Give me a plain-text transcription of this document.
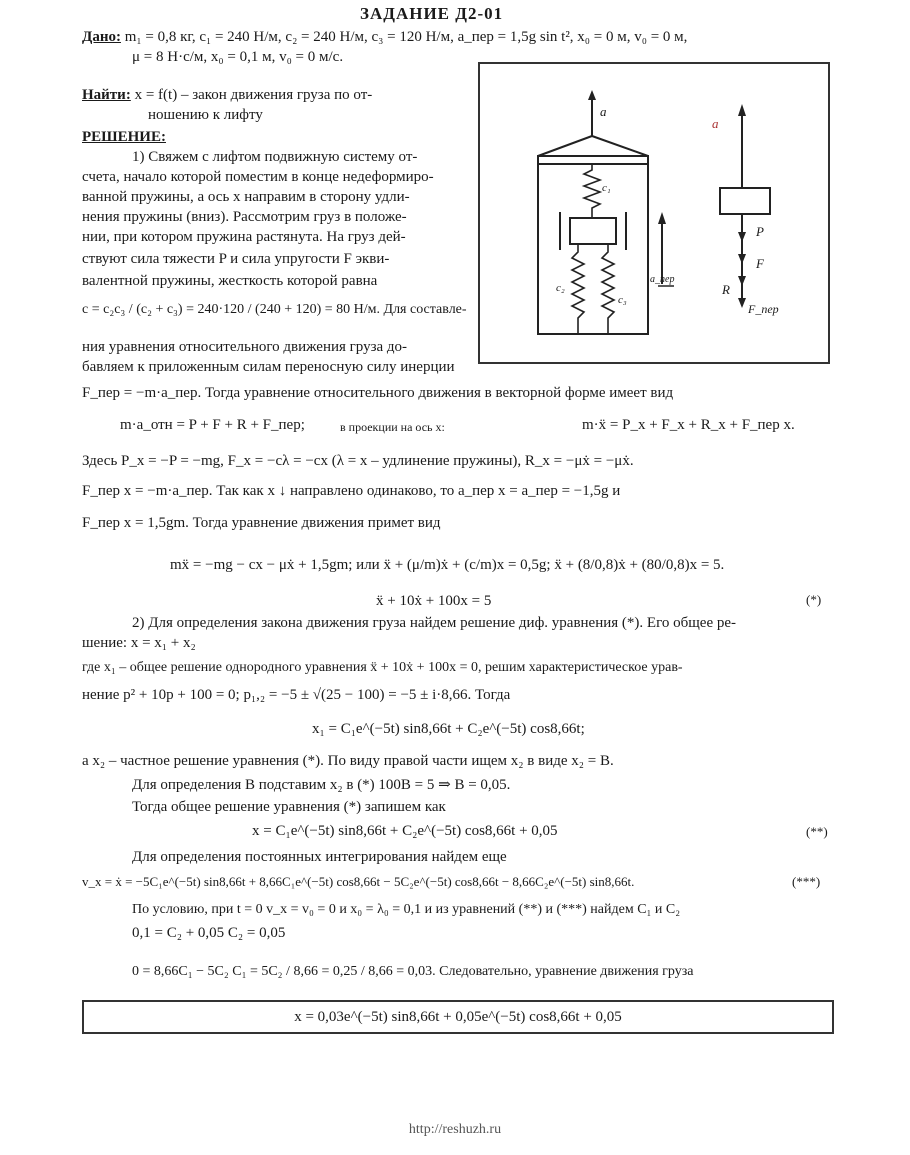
ЗАДАНИЕ Д2-01
Дано: m₁ = 0,8 кг, c₁ = 240 Н/м, c₂ = 240 Н/м, c₃ = 120 Н/м, a_пер = 1,5g sin t², x₀ = 0 м, v₀ = 0 м,
μ = 8 Н·с/м, x₀ = 0,1 м, v₀ = 0 м/с.
Найти: x = f(t) – закон движения груза по от-
ношению к лифту
РЕШЕНИЕ:
1) Свяжем с лифтом подвижную систему от-
счета, начало которой поместим в конце недеформиро-
ванной пружины, а ось x направим в сторону удли-
нения пружины (вниз). Рассмотрим груз в положе-
нии, при котором пружина растянута. На груз дей-
ствуют сила тяжести P и сила упругости F экви-
валентной пружины, жесткость которой равна
c = c₂c₃ / (c₂ + c₃) = 240·120 / (240 + 120) = 80 Н/м. Для составле-
ния уравнения относительного движения груза до-
бавляем к приложенным силам переносную силу инерции
a
c₁
c₂
c₃
a
a_пер
P
F
R
F_пер
F_пер = −m·a_пер. Тогда уравнение относительного движения в векторной форме имеет вид
m·a_отн = P + F + R + F_пер;	в проекции на ось x:	m·ẍ = P_x + F_x + R_x + F_пер x.
Здесь P_x = −P = −mg, F_x = −cλ = −cx (λ = x – удлинение пружины), R_x = −μẋ = −μẋ.
F_пер x = −m·a_пер. Так как x ↓ направлено одинаково, то a_пер x = a_пер = −1,5g и
F_пер x = 1,5gm. Тогда уравнение движения примет вид
mẍ = −mg − cx − μẋ + 1,5gm; или ẍ + (μ/m)ẋ + (c/m)x = 0,5g; ẍ + (8/0,8)ẋ + (80/0,8)x = 5.
ẍ + 10ẋ + 100x = 5	(*)
2) Для определения закона движения груза найдем решение диф. уравнения (*). Его общее ре-
шение: x = x₁ + x₂
где x₁ – общее решение однородного уравнения ẍ + 10ẋ + 100x = 0, решим характеристическое урав-
нение p² + 10p + 100 = 0; p₁,₂ = −5 ± √(25 − 100) = −5 ± i·8,66. Тогда
x₁ = C₁e^(−5t) sin8,66t + C₂e^(−5t) cos8,66t;
а x₂ – частное решение уравнения (*). По виду правой части ищем x₂ в виде x₂ = B.
Для определения B подставим x₂ в (*) 100B = 5 ⇒ B = 0,05.
Тогда общее решение уравнения (*) запишем как
x = C₁e^(−5t) sin8,66t + C₂e^(−5t) cos8,66t + 0,05	(**)
Для определения постоянных интегрирования найдем еще
v_x = ẋ = −5C₁e^(−5t) sin8,66t + 8,66C₁e^(−5t) cos8,66t − 5C₂e^(−5t) cos8,66t − 8,66C₂e^(−5t) sin8,66t.	(***)
По условию, при t = 0 v_x = v₀ = 0 и x₀ = λ₀ = 0,1 и из уравнений (**) и (***) найдем C₁ и C₂
0,1 = C₂ + 0,05 C₂ = 0,05
0 = 8,66C₁ − 5C₂ C₁ = 5C₂ / 8,66 = 0,25 / 8,66 = 0,03. Следовательно, уравнение движения груза
x = 0,03e^(−5t) sin8,66t + 0,05e^(−5t) cos8,66t + 0,05
http://reshuzh.ru
